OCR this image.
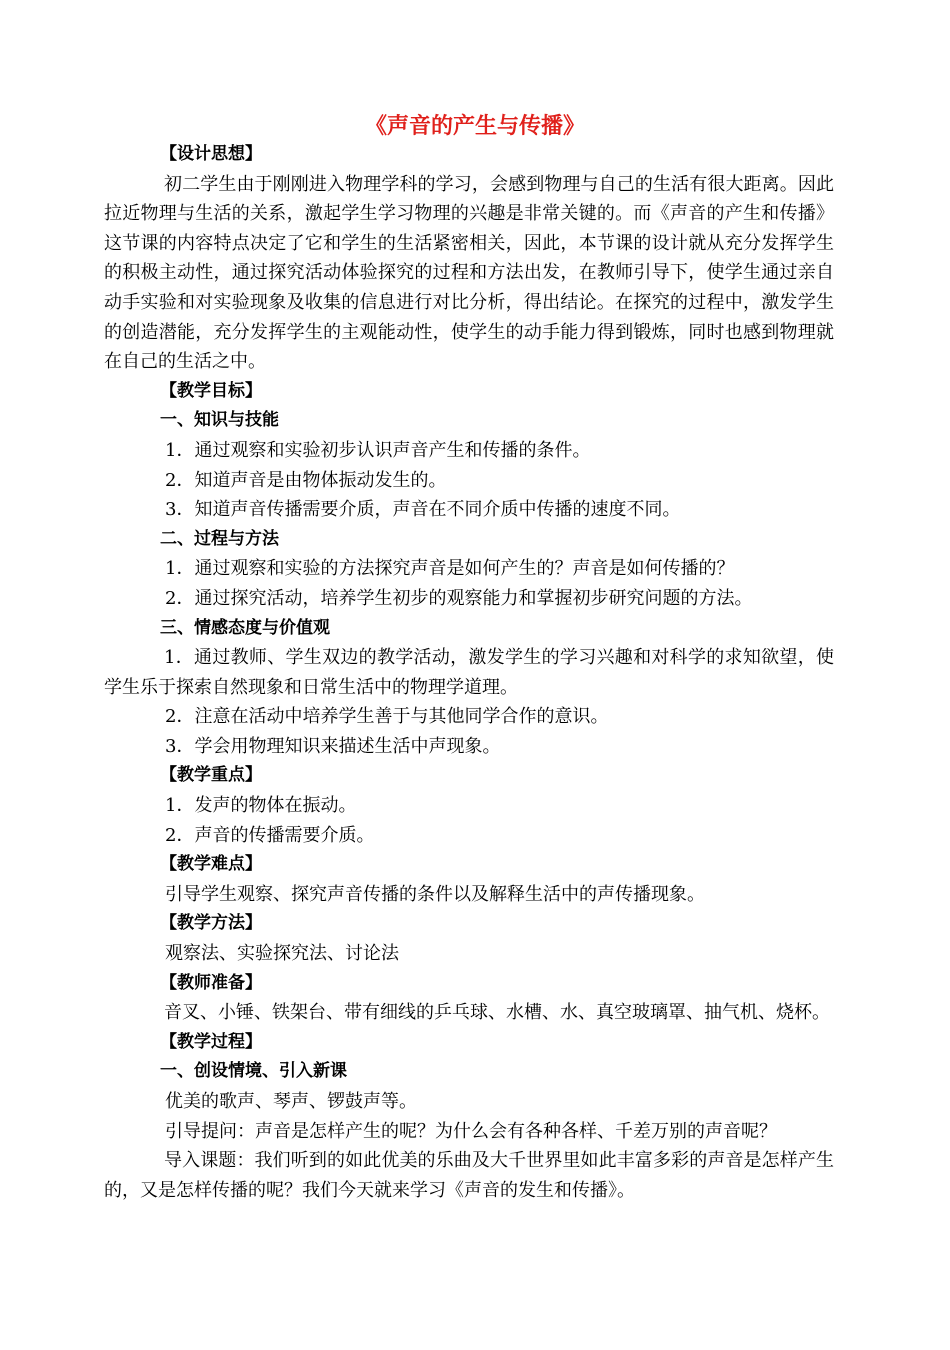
《声音的产生与传播》
【设计思想】
初二学生由于刚刚进入物理学科的学习，会感到物理与自己的生活有很大距离。因此拉近物理与生活的关系，激起学生学习物理的兴趣是非常关键的。而《声音的产生和传播》这节课的内容特点决定了它和学生的生活紧密相关，因此，本节课的设计就从充分发挥学生的积极主动性，通过探究活动体验探究的过程和方法出发，在教师引导下，使学生通过亲自动手实验和对实验现象及收集的信息进行对比分析，得出结论。在探究的过程中，激发学生的创造潜能，充分发挥学生的主观能动性，使学生的动手能力得到锻炼，同时也感到物理就在自己的生活之中。
【教学目标】
一、知识与技能
1．通过观察和实验初步认识声音产生和传播的条件。
2．知道声音是由物体振动发生的。
3．知道声音传播需要介质，声音在不同介质中传播的速度不同。
二、过程与方法
1．通过观察和实验的方法探究声音是如何产生的？声音是如何传播的？
2．通过探究活动，培养学生初步的观察能力和掌握初步研究问题的方法。
三、情感态度与价值观
1．通过教师、学生双边的教学活动，激发学生的学习兴趣和对科学的求知欲望，使学生乐于探索自然现象和日常生活中的物理学道理。
2．注意在活动中培养学生善于与其他同学合作的意识。
3．学会用物理知识来描述生活中声现象。
【教学重点】
1．发声的物体在振动。
2．声音的传播需要介质。
【教学难点】
引导学生观察、探究声音传播的条件以及解释生活中的声传播现象。
【教学方法】
观察法、实验探究法、讨论法
【教师准备】
音叉、小锤、铁架台、带有细线的乒乓球、水槽、水、真空玻璃罩、抽气机、烧杯。
【教学过程】
一、创设情境、引入新课
优美的歌声、琴声、锣鼓声等。
引导提问：声音是怎样产生的呢？为什么会有各种各样、千差万别的声音呢？
导入课题：我们听到的如此优美的乐曲及大千世界里如此丰富多彩的声音是怎样产生的，又是怎样传播的呢？我们今天就来学习《声音的发生和传播》。
